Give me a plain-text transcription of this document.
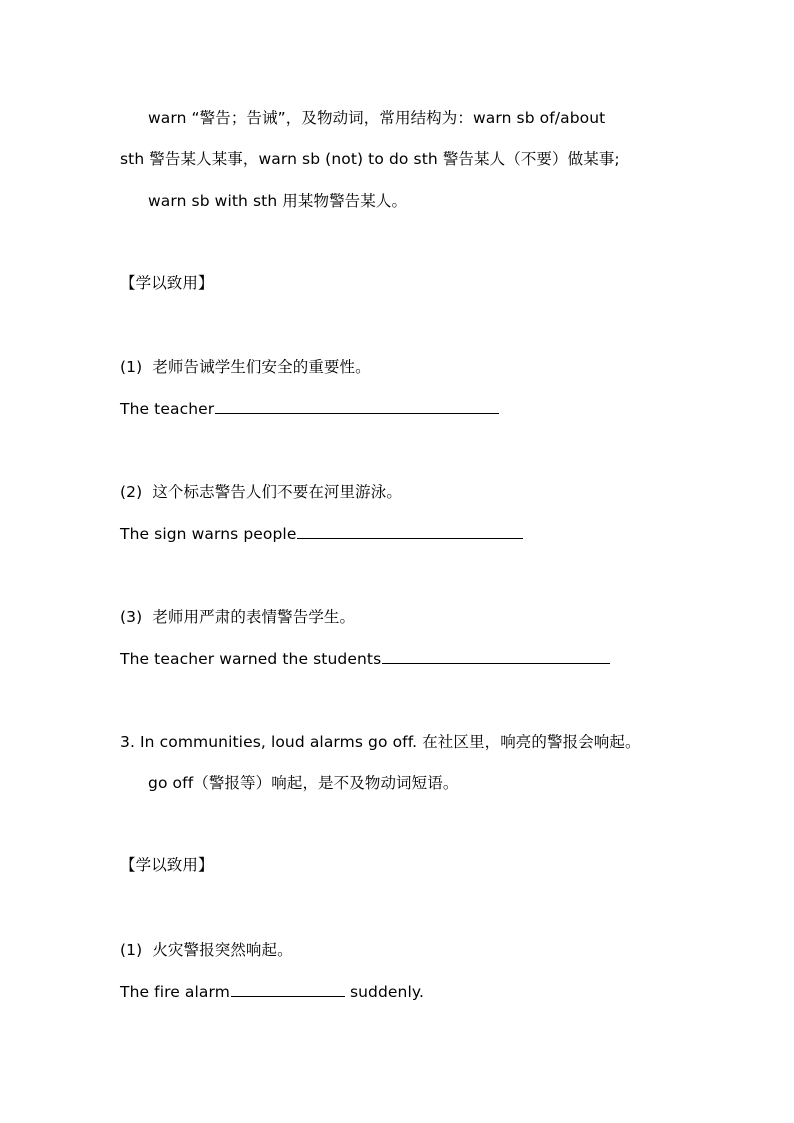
warn “警告；告诫”，及物动词，常用结构为：warn sb of/about
sth 警告某人某事，warn sb (not) to do sth 警告某人（不要）做某事;
warn sb with sth 用某物警告某人。
【学以致用】
(1) 老师告诫学生们安全的重要性。
The teacher
(2) 这个标志警告人们不要在河里游泳。
The sign warns people
(3) 老师用严肃的表情警告学生。
The teacher warned the students
3. In communities, loud alarms go off. 在社区里，响亮的警报会响起。
go off（警报等）响起，是不及物动词短语。
【学以致用】
(1) 火灾警报突然响起。
The fire alarm	suddenly.
